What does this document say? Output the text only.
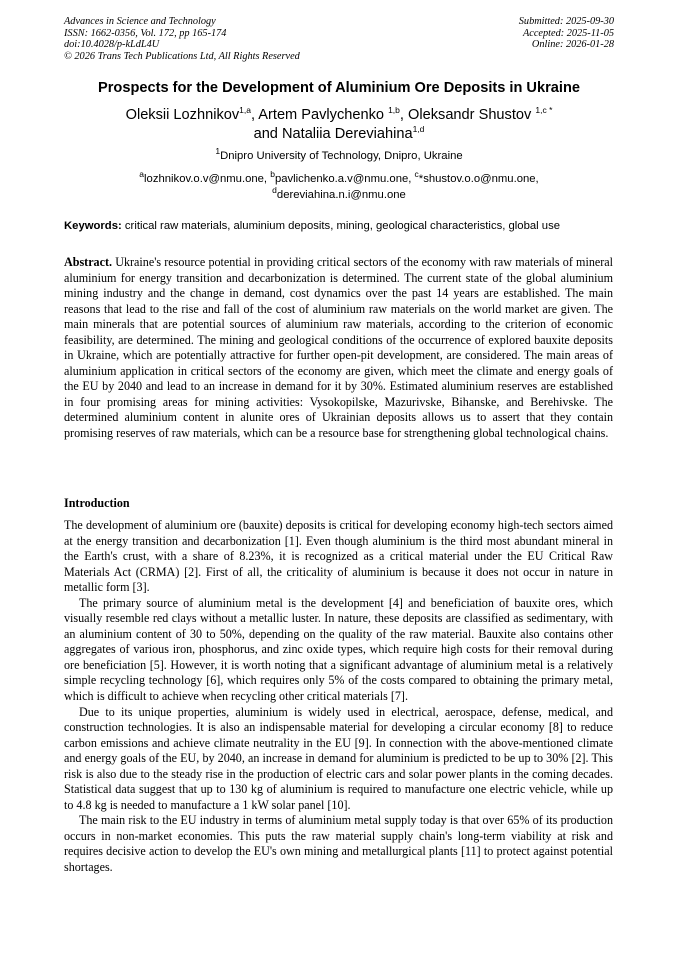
Advances in Science and Technology
ISSN: 1662-0356, Vol. 172, pp 165-174
doi:10.4028/p-kLdL4U
© 2026 Trans Tech Publications Ltd, All Rights Reserved
Submitted: 2025-09-30
Accepted: 2025-11-05
Online: 2026-01-28
Prospects for the Development of Aluminium Ore Deposits in Ukraine
Oleksii Lozhnikov$^{1,a}$, Artem Pavlychenko $^{1,b}$, Oleksandr Shustov $^{1,c *}$
and Nataliia Dereviahina$^{1,d}$
$^1$Dnipro University of Technology, Dnipro, Ukraine
$^a$lozhnikov.o.v@nmu.one, $^b$pavlichenko.a.v@nmu.one, $^c$*shustov.o.o@nmu.one,
$^d$dereviahina.n.i@nmu.one
Keywords: critical raw materials, aluminium deposits, mining, geological characteristics, global use
Abstract. Ukraine's resource potential in providing critical sectors of the economy with raw materials of mineral aluminium for energy transition and decarbonization is determined. The current state of the global aluminium mining industry and the change in demand, cost dynamics over the past 14 years are established. The main reasons that lead to the rise and fall of the cost of aluminium raw materials on the world market are given. The main minerals that are potential sources of aluminium raw materials, according to the criterion of economic feasibility, are determined. The mining and geological conditions of the occurrence of explored bauxite deposits in Ukraine, which are potentially attractive for further open-pit development, are considered. The main areas of aluminium application in critical sectors of the economy are given, which meet the climate and energy goals of the EU by 2040 and lead to an increase in demand for it by 30%. Estimated aluminium reserves are established in four promising areas for mining activities: Vysokopilske, Mazurivske, Bihanske, and Berehivske. The determined aluminium content in alunite ores of Ukrainian deposits allows us to assert that they contain promising reserves of raw materials, which can be a resource base for strengthening global technological chains.
Introduction

The development of aluminium ore (bauxite) deposits is critical for developing economy high-tech sectors aimed at the energy transition and decarbonization [1]. Even though aluminium is the third most abundant mineral in the Earth's crust, with a share of 8.23%, it is recognized as a critical material under the EU Critical Raw Materials Act (CRMA) [2]. First of all, the criticality of aluminium is because it does not occur in nature in metallic form [3].

The primary source of aluminium metal is the development [4] and beneficiation of bauxite ores, which visually resemble red clays without a metallic luster. In nature, these deposits are classified as sedimentary, with an aluminium content of 30 to 50%, depending on the quality of the raw material. Bauxite also contains other aggregates of various iron, phosphorus, and zinc oxide types, which require high costs for their removal during ore beneficiation [5]. However, it is worth noting that a significant advantage of aluminium metal is a relatively simple recycling technology [6], which requires only 5% of the costs compared to obtaining the primary metal, which is difficult to achieve when recycling other critical materials [7].

Due to its unique properties, aluminium is widely used in electrical, aerospace, defense, medical, and construction technologies. It is also an indispensable material for developing a circular economy [8] to reduce carbon emissions and achieve climate neutrality in the EU [9]. In connection with the above-mentioned climate and energy goals of the EU, by 2040, an increase in demand for aluminium is predicted to be up to 30% [2]. This risk is also due to the steady rise in the production of electric cars and solar power plants in the coming decades. Statistical data suggest that up to 130 kg of aluminium is required to manufacture one electric vehicle, while up to 4.8 kg is needed to manufacture a 1 kW solar panel [10].

The main risk to the EU industry in terms of aluminium metal supply today is that over 65% of its production occurs in non-market economies. This puts the raw material supply chain's long-term viability at risk and requires decisive action to develop the EU's own mining and metallurgical plants [11] to protect against potential shortages.
